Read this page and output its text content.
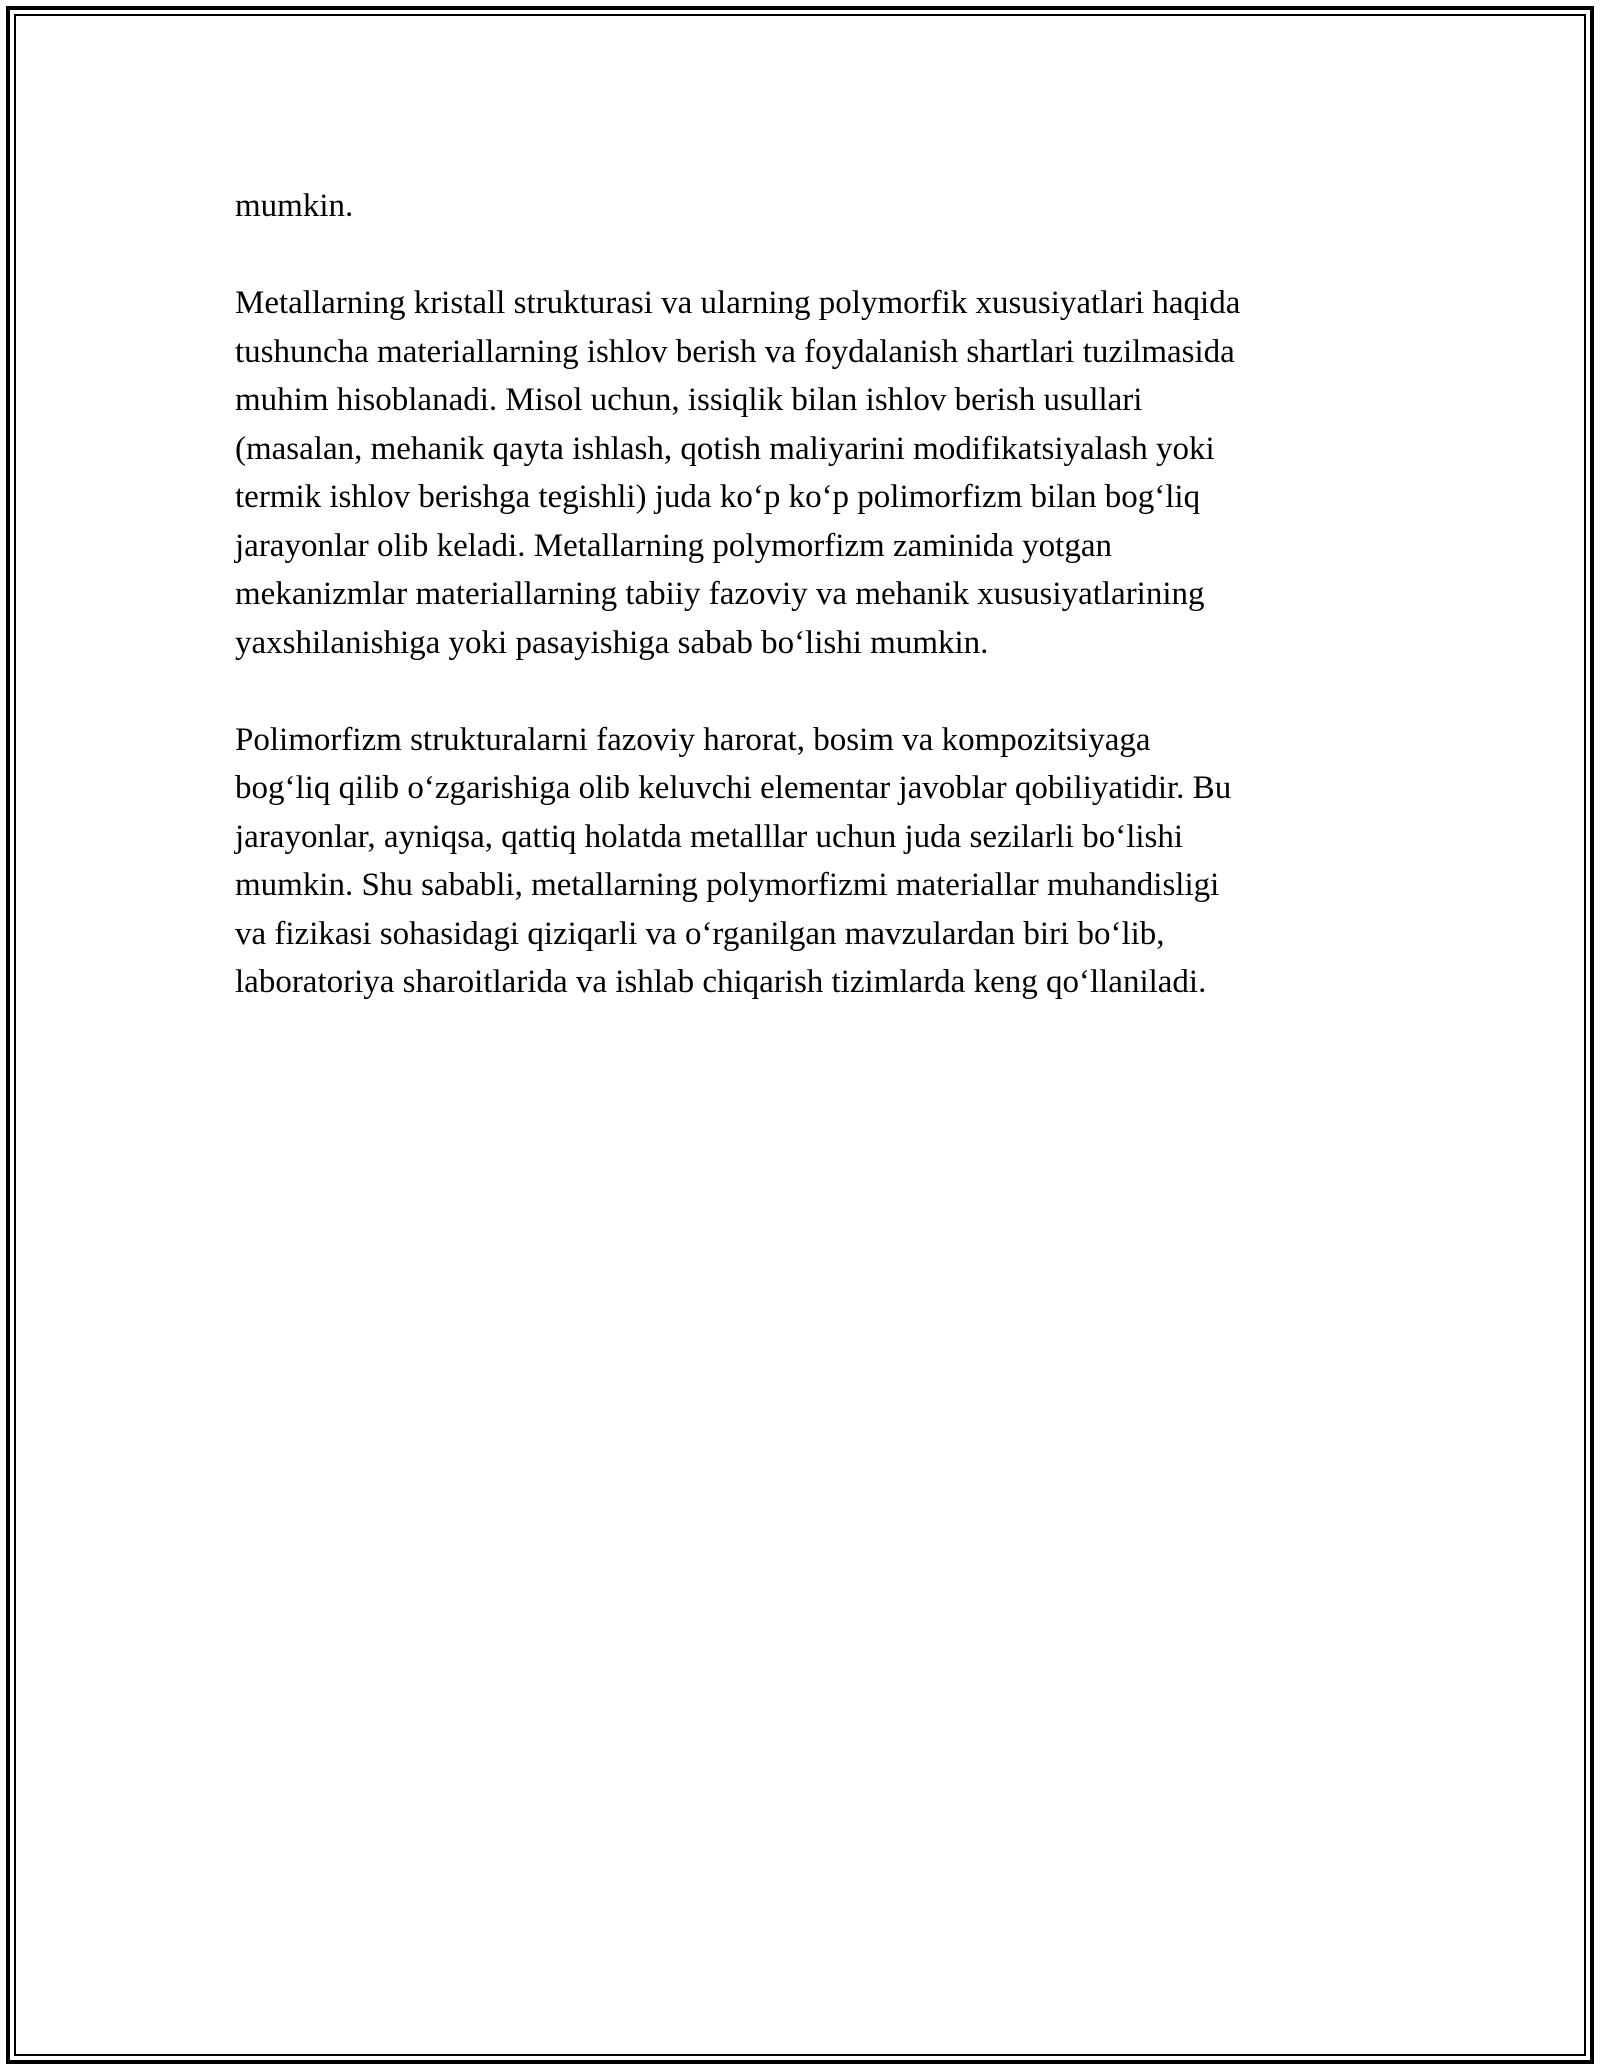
mumkin.

Metallarning kristall strukturasi va ularning polymorfik xususiyatlari haqida
tushuncha materiallarning ishlov berish va foydalanish shartlari tuzilmasida
muhim hisoblanadi. Misol uchun, issiqlik bilan ishlov berish usullari
(masalan, mehanik qayta ishlash, qotish maliyarini modifikatsiyalash yoki
termik ishlov berishga tegishli) juda koʻp koʻp polimorfizm bilan bogʻliq
jarayonlar olib keladi. Metallarning polymorfizm zaminida yotgan
mekanizmlar materiallarning tabiiy fazoviy va mehanik xususiyatlarining
yaxshilanishiga yoki pasayishiga sabab boʻlishi mumkin.

Polimorfizm strukturalarni fazoviy harorat, bosim va kompozitsiyaga
bogʻliq qilib oʻzgarishiga olib keluvchi elementar javoblar qobiliyatidir. Bu
jarayonlar, ayniqsa, qattiq holatda metalllar uchun juda sezilarli boʻlishi
mumkin. Shu sababli, metallarning polymorfizmi materiallar muhandisligi
va fizikasi sohasidagi qiziqarli va oʻrganilgan mavzulardan biri boʻlib,
laboratoriya sharoitlarida va ishlab chiqarish tizimlarda keng qoʻllaniladi.
